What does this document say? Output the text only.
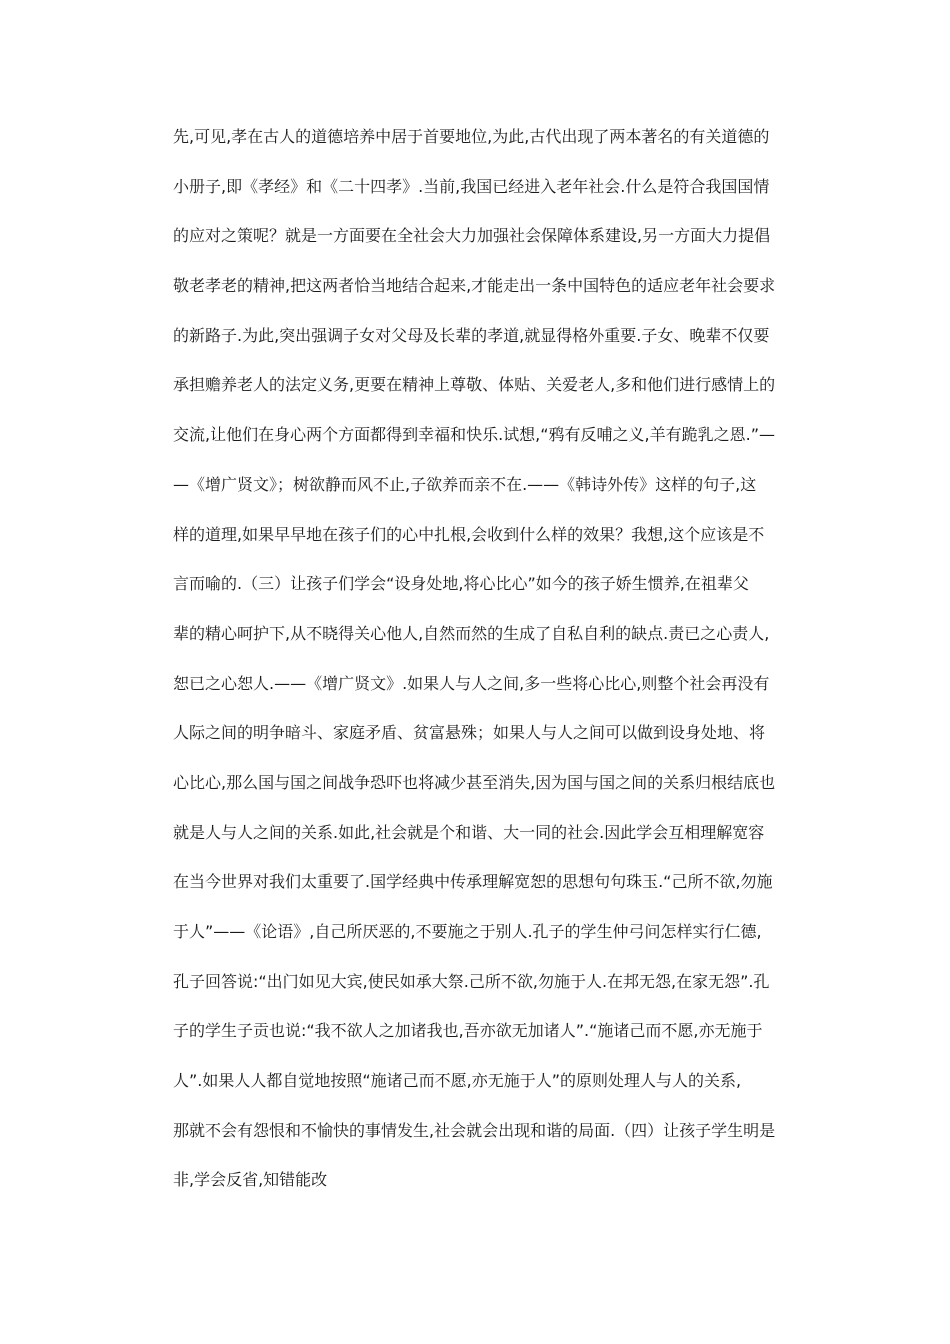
先,可见,孝在古人的道德培养中居于首要地位,为此,古代出现了两本著名的有关道德的
小册子,即《孝经》和《二十四孝》.当前,我国已经进入老年社会.什么是符合我国国情
的应对之策呢？就是一方面要在全社会大力加强社会保障体系建设,另一方面大力提倡
敬老孝老的精神,把这两者恰当地结合起来,才能走出一条中国特色的适应老年社会要求
的新路子.为此,突出强调子女对父母及长辈的孝道,就显得格外重要.子女、晚辈不仅要
承担赡养老人的法定义务,更要在精神上尊敬、体贴、关爱老人,多和他们进行感情上的
交流,让他们在身心两个方面都得到幸福和快乐.试想,“鸦有反哺之义,羊有跪乳之恩.”—
—《增广贤文》；树欲静而风不止,子欲养而亲不在.——《韩诗外传》这样的句子,这
样的道理,如果早早地在孩子们的心中扎根,会收到什么样的效果？我想,这个应该是不
言而喻的.（三）让孩子们学会“设身处地,将心比心”如今的孩子娇生惯养,在祖辈父
辈的精心呵护下,从不晓得关心他人,自然而然的生成了自私自利的缺点.责已之心责人,
恕已之心恕人.——《增广贤文》.如果人与人之间,多一些将心比心,则整个社会再没有
人际之间的明争暗斗、家庭矛盾、贫富悬殊；如果人与人之间可以做到设身处地、将
心比心,那么国与国之间战争恐吓也将减少甚至消失,因为国与国之间的关系归根结底也
就是人与人之间的关系.如此,社会就是个和谐、大一同的社会.因此学会互相理解宽容
在当今世界对我们太重要了.国学经典中传承理解宽恕的思想句句珠玉.“己所不欲,勿施
于人”——《论语》,自己所厌恶的,不要施之于别人.孔子的学生仲弓问怎样实行仁德,
孔子回答说:“出门如见大宾,使民如承大祭.己所不欲,勿施于人.在邦无怨,在家无怨”.孔
子的学生子贡也说:“我不欲人之加诸我也,吾亦欲无加诸人”.“施诸己而不愿,亦无施于
人”.如果人人都自觉地按照“施诸己而不愿,亦无施于人”的原则处理人与人的关系,
那就不会有怨恨和不愉快的事情发生,社会就会出现和谐的局面.（四）让孩子学生明是
非,学会反省,知错能改
